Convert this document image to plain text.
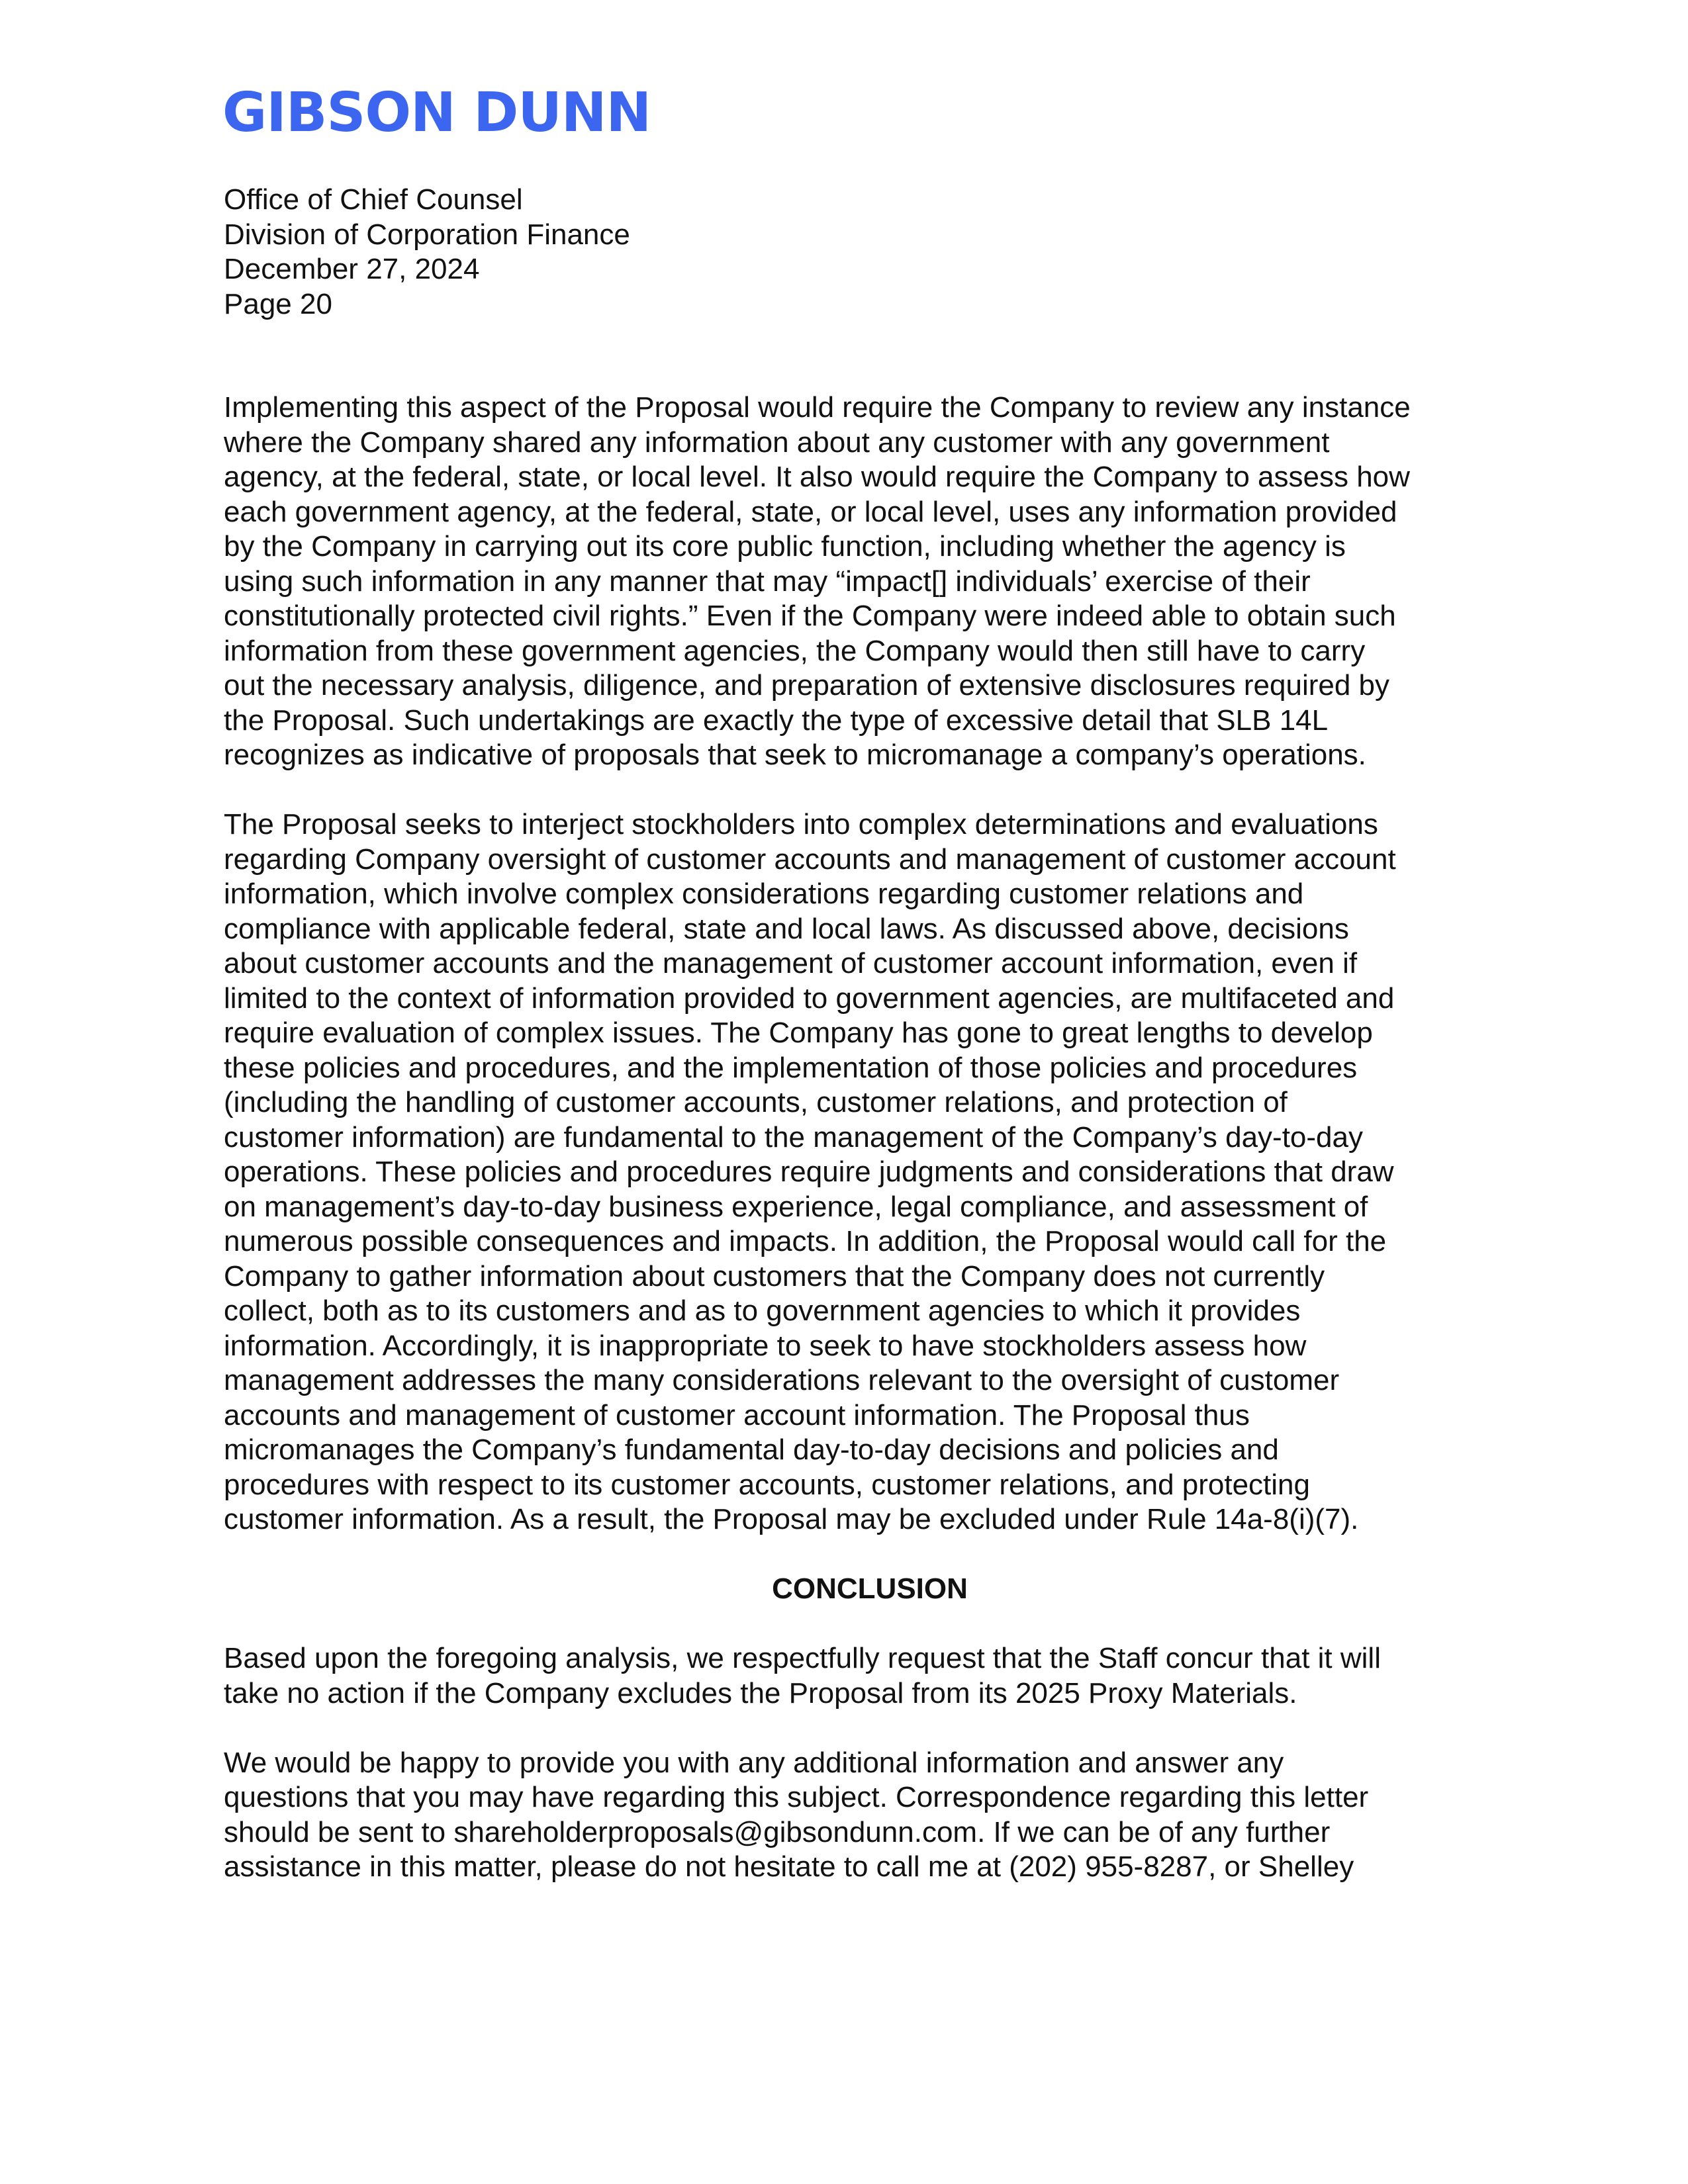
GIBSON DUNN
Office of Chief Counsel
Division of Corporation Finance
December 27, 2024
Page 20
Implementing this aspect of the Proposal would require the Company to review any instance
where the Company shared any information about any customer with any government
agency, at the federal, state, or local level. It also would require the Company to assess how
each government agency, at the federal, state, or local level, uses any information provided
by the Company in carrying out its core public function, including whether the agency is
using such information in any manner that may “impact[] individuals’ exercise of their
constitutionally protected civil rights.” Even if the Company were indeed able to obtain such
information from these government agencies, the Company would then still have to carry
out the necessary analysis, diligence, and preparation of extensive disclosures required by
the Proposal. Such undertakings are exactly the type of excessive detail that SLB 14L
recognizes as indicative of proposals that seek to micromanage a company’s operations.
The Proposal seeks to interject stockholders into complex determinations and evaluations
regarding Company oversight of customer accounts and management of customer account
information, which involve complex considerations regarding customer relations and
compliance with applicable federal, state and local laws. As discussed above, decisions
about customer accounts and the management of customer account information, even if
limited to the context of information provided to government agencies, are multifaceted and
require evaluation of complex issues. The Company has gone to great lengths to develop
these policies and procedures, and the implementation of those policies and procedures
(including the handling of customer accounts, customer relations, and protection of
customer information) are fundamental to the management of the Company’s day-to-day
operations. These policies and procedures require judgments and considerations that draw
on management’s day-to-day business experience, legal compliance, and assessment of
numerous possible consequences and impacts. In addition, the Proposal would call for the
Company to gather information about customers that the Company does not currently
collect, both as to its customers and as to government agencies to which it provides
information. Accordingly, it is inappropriate to seek to have stockholders assess how
management addresses the many considerations relevant to the oversight of customer
accounts and management of customer account information. The Proposal thus
micromanages the Company’s fundamental day-to-day decisions and policies and
procedures with respect to its customer accounts, customer relations, and protecting
customer information. As a result, the Proposal may be excluded under Rule 14a-8(i)(7).
CONCLUSION
Based upon the foregoing analysis, we respectfully request that the Staff concur that it will
take no action if the Company excludes the Proposal from its 2025 Proxy Materials.
We would be happy to provide you with any additional information and answer any
questions that you may have regarding this subject. Correspondence regarding this letter
should be sent to shareholderproposals@gibsondunn.com. If we can be of any further
assistance in this matter, please do not hesitate to call me at (202) 955-8287, or Shelley
